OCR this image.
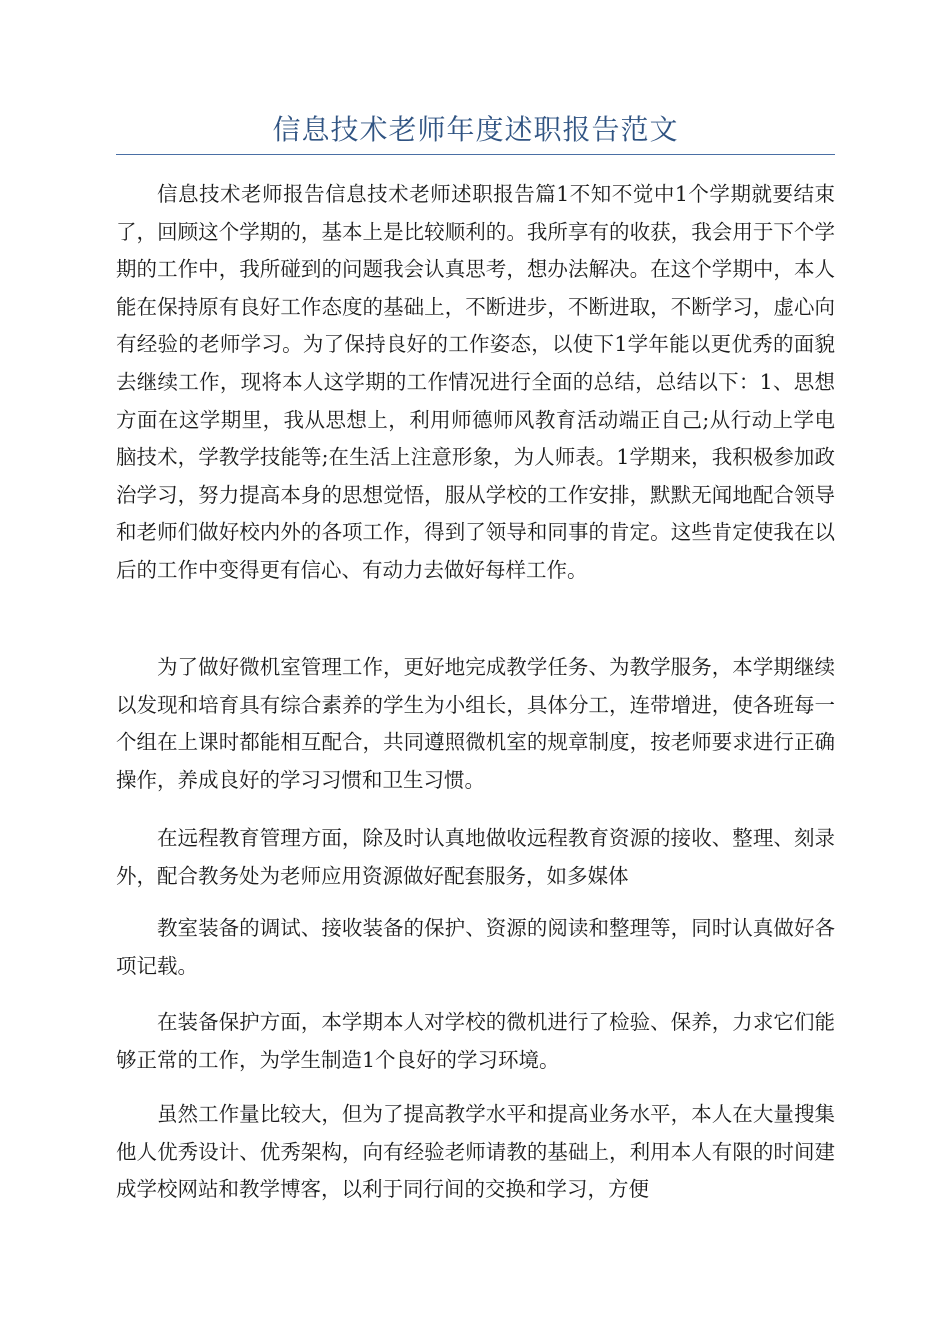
信息技术老师年度述职报告范文

信息技术老师报告信息技术老师述职报告篇1不知不觉中1个学期就要结束了，回顾这个学期的，基本上是比较顺利的。我所享有的收获，我会用于下个学期的工作中，我所碰到的问题我会认真思考，想办法解决。在这个学期中，本人能在保持原有良好工作态度的基础上，不断进步，不断进取，不断学习，虚心向有经验的老师学习。为了保持良好的工作姿态，以使下1学年能以更优秀的面貌去继续工作，现将本人这学期的工作情况进行全面的总结，总结以下：1、思想方面在这学期里，我从思想上，利用师德师风教育活动端正自己;从行动上学电脑技术，学教学技能等;在生活上注意形象，为人师表。1学期来，我积极参加政治学习，努力提高本身的思想觉悟，服从学校的工作安排，默默无闻地配合领导和老师们做好校内外的各项工作，得到了领导和同事的肯定。这些肯定使我在以后的工作中变得更有信心、有动力去做好每样工作。

为了做好微机室管理工作，更好地完成教学任务、为教学服务，本学期继续以发现和培育具有综合素养的学生为小组长，具体分工，连带增进，使各班每一个组在上课时都能相互配合，共同遵照微机室的规章制度，按老师要求进行正确操作，养成良好的学习习惯和卫生习惯。

在远程教育管理方面，除及时认真地做收远程教育资源的接收、整理、刻录外，配合教务处为老师应用资源做好配套服务，如多媒体

教室装备的调试、接收装备的保护、资源的阅读和整理等，同时认真做好各项记载。

在装备保护方面，本学期本人对学校的微机进行了检验、保养，力求它们能够正常的工作，为学生制造1个良好的学习环境。

虽然工作量比较大，但为了提高教学水平和提高业务水平，本人在大量搜集他人优秀设计、优秀架构，向有经验老师请教的基础上，利用本人有限的时间建成学校网站和教学博客，以利于同行间的交换和学习，方便
